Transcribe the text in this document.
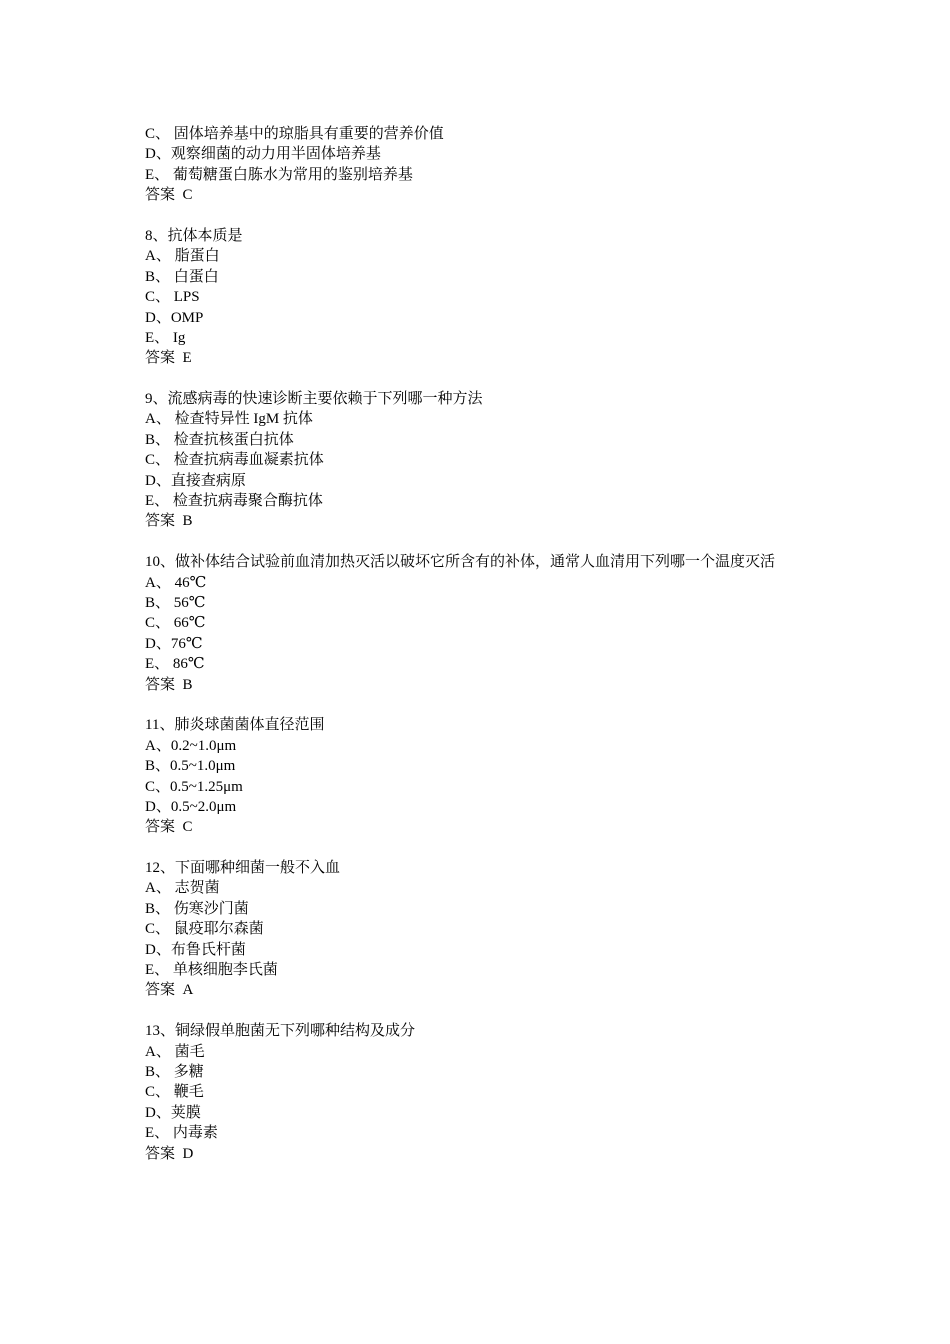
C、 固体培养基中的琼脂具有重要的营养价值
D、观察细菌的动力用半固体培养基
E、 葡萄糖蛋白胨水为常用的鉴别培养基
答案  C
8、抗体本质是
A、 脂蛋白
B、 白蛋白
C、 LPS
D、OMP
E、 Ig
答案  E
9、流感病毒的快速诊断主要依赖于下列哪一种方法
A、 检查特异性 IgM 抗体
B、 检查抗核蛋白抗体
C、 检查抗病毒血凝素抗体
D、直接查病原
E、 检查抗病毒聚合酶抗体
答案  B
10、做补体结合试验前血清加热灭活以破坏它所含有的补体，通常人血清用下列哪一个温度灭活
A、 46℃
B、 56℃
C、 66℃
D、76℃
E、 86℃
答案  B
11、肺炎球菌菌体直径范围
A、0.2~1.0μm
B、0.5~1.0μm
C、0.5~1.25μm
D、0.5~2.0μm
答案  C
12、下面哪种细菌一般不入血
A、 志贺菌
B、 伤寒沙门菌
C、 鼠疫耶尔森菌
D、布鲁氏杆菌
E、 单核细胞李氏菌
答案  A
13、铜绿假单胞菌无下列哪种结构及成分
A、 菌毛
B、 多糖
C、 鞭毛
D、荚膜
E、 内毒素
答案  D
